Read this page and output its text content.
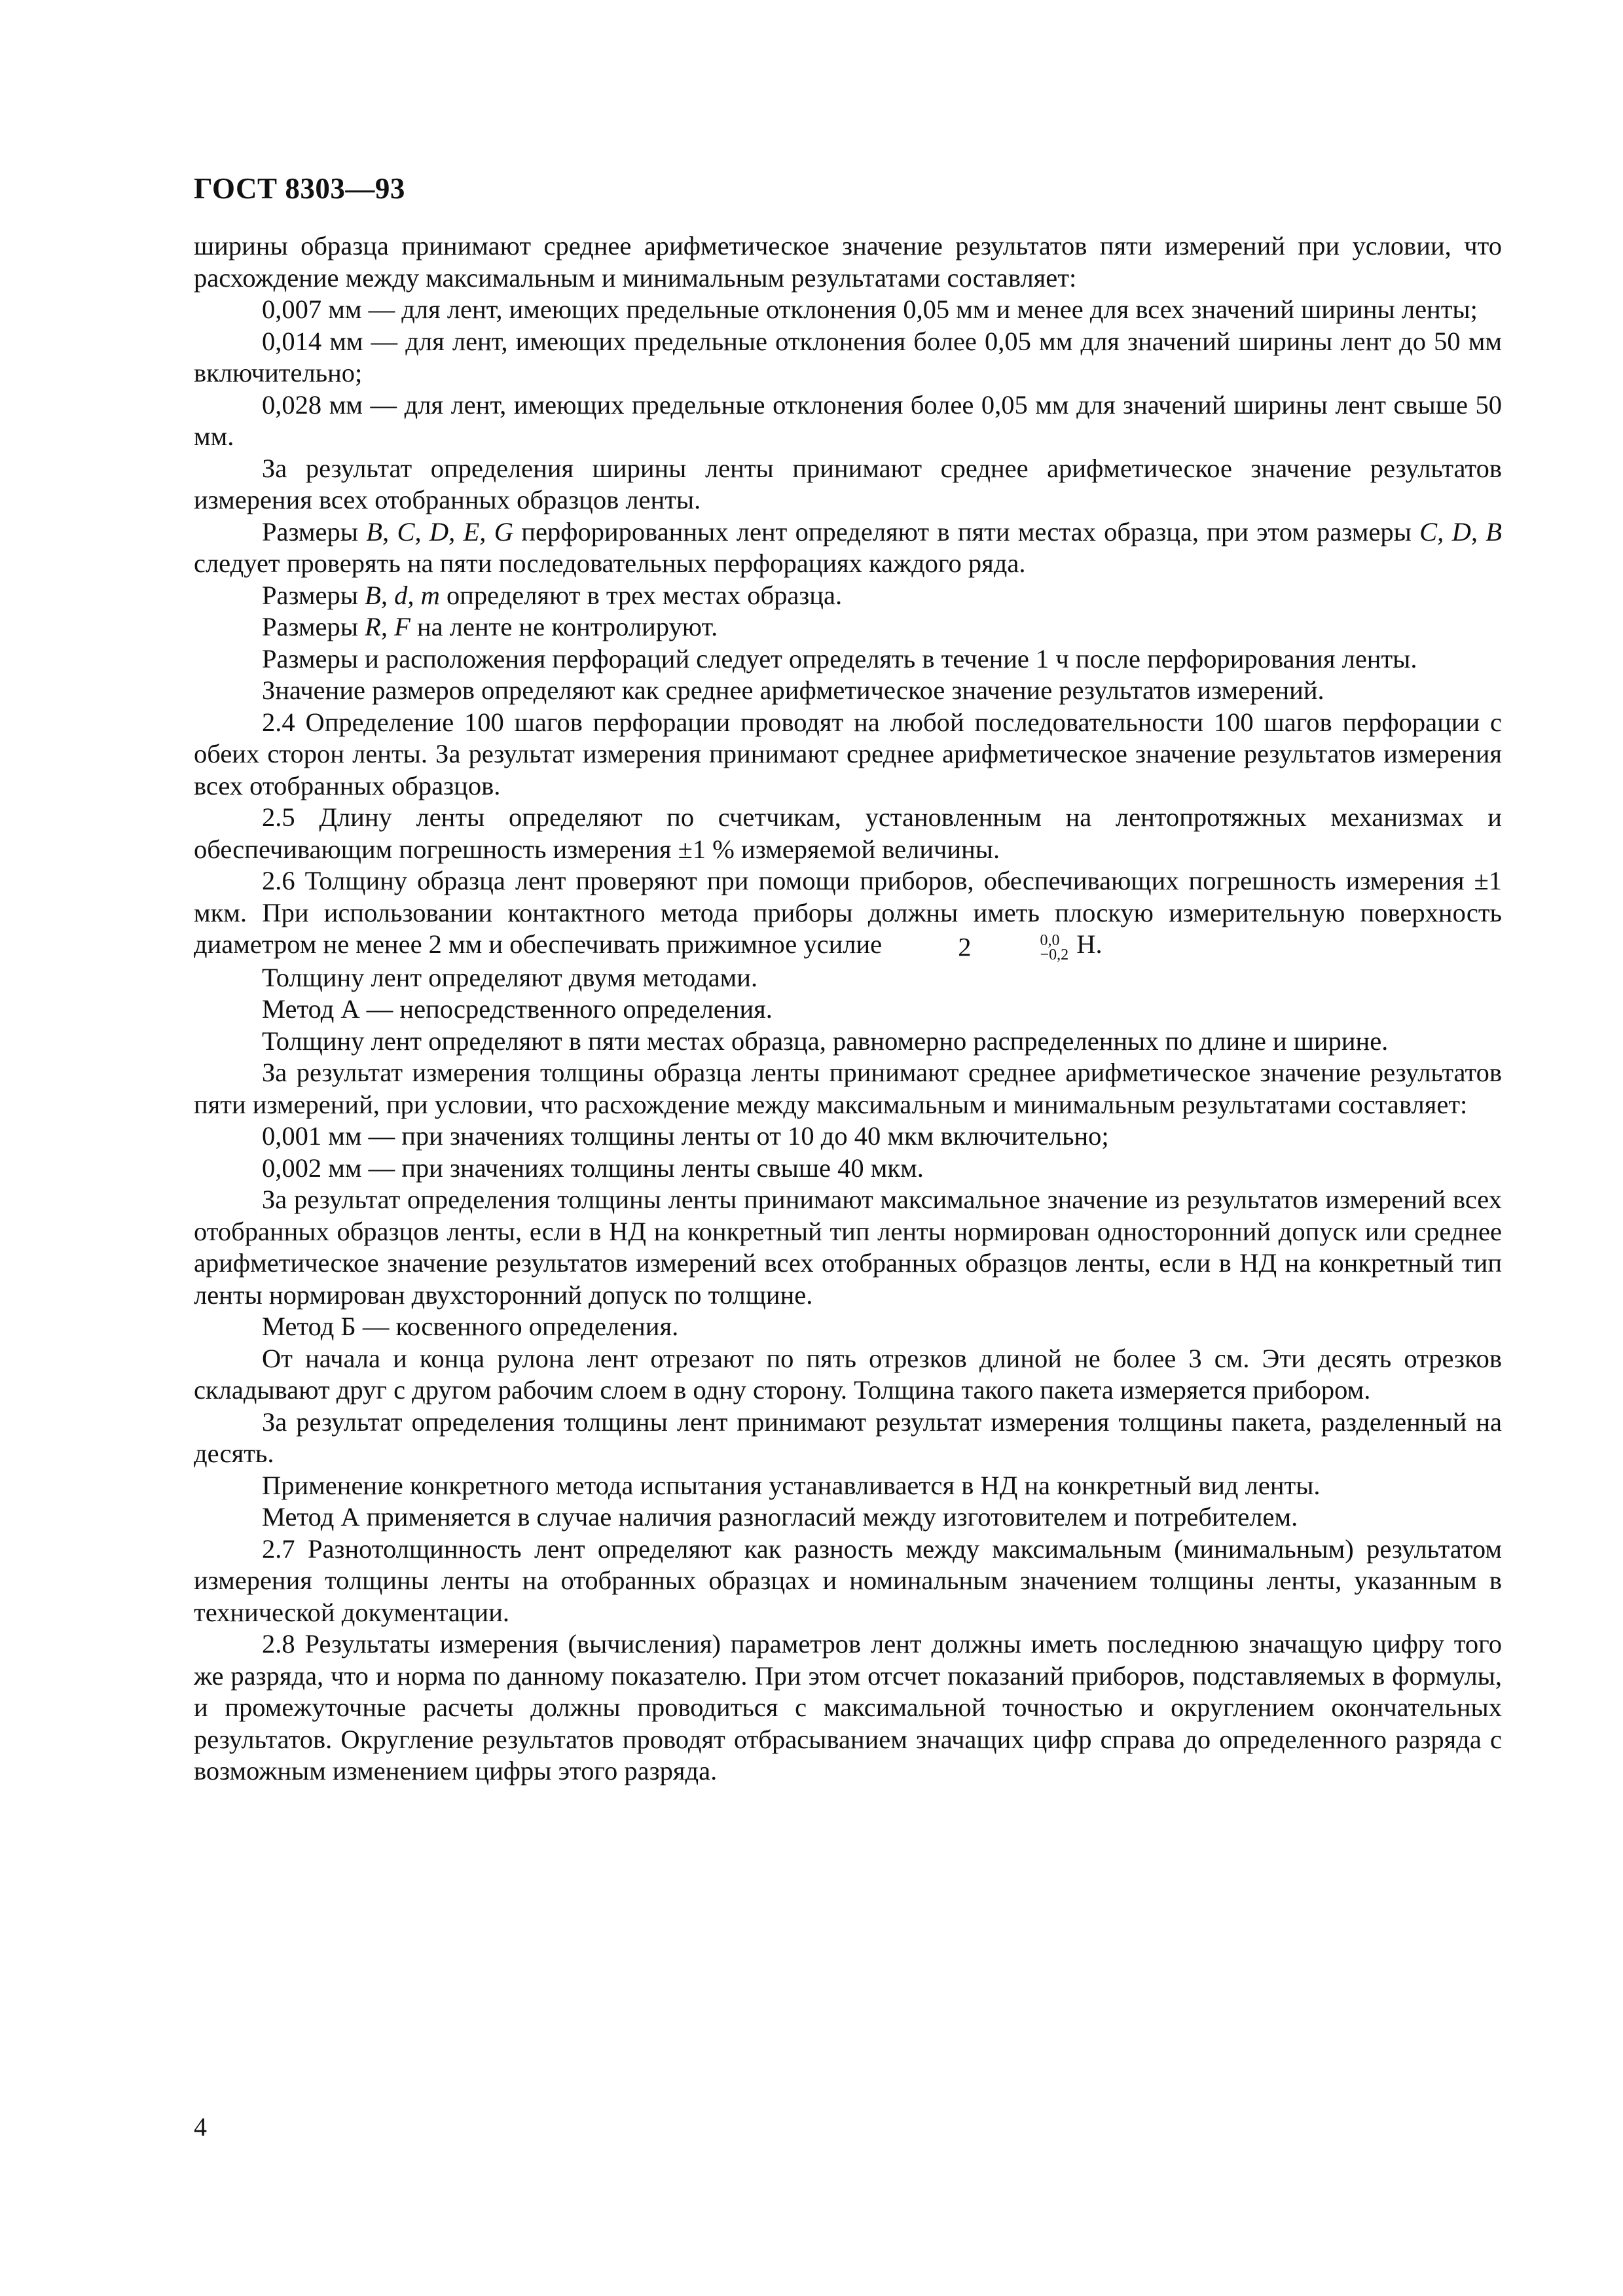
ГОСТ 8303—93

ширины образца принимают среднее арифметическое значение результатов пяти измерений при условии, что расхождение между максимальным и минимальным результатами составляет:

0,007 мм — для лент, имеющих предельные отклонения 0,05 мм и менее для всех значений ширины ленты;

0,014 мм — для лент, имеющих предельные отклонения более 0,05 мм для значений ширины лент до 50 мм включительно;

0,028 мм — для лент, имеющих предельные отклонения более 0,05 мм для значений ширины лент свыше 50 мм.

За результат определения ширины ленты принимают среднее арифметическое значение результатов измерения всех отобранных образцов ленты.

Размеры B, C, D, E, G перфорированных лент определяют в пяти местах образца, при этом размеры C, D, B следует проверять на пяти последовательных перфорациях каждого ряда.

Размеры B, d, m определяют в трех местах образца.

Размеры R, F на ленте не контролируют.

Размеры и расположения перфораций следует определять в течение 1 ч после перфорирования ленты.

Значение размеров определяют как среднее арифметическое значение результатов измерений.

2.4 Определение 100 шагов перфорации проводят на любой последовательности 100 шагов перфорации с обеих сторон ленты. За результат измерения принимают среднее арифметическое значение результатов измерения всех отобранных образцов.

2.5 Длину ленты определяют по счетчикам, установленным на лентопротяжных механизмах и обеспечивающим погрешность измерения ±1 % измеряемой величины.

2.6 Толщину образца лент проверяют при помощи приборов, обеспечивающих погрешность измерения ±1 мкм. При использовании контактного метода приборы должны иметь плоскую измерительную поверхность диаметром не менее 2 мм и обеспечивать прижимное усилие	2	0,0
−0,2 Н.

Толщину лент определяют двумя методами.

Метод А — непосредственного определения.

Толщину лент определяют в пяти местах образца, равномерно распределенных по длине и ширине.

За результат измерения толщины образца ленты принимают среднее арифметическое значение результатов пяти измерений, при условии, что расхождение между максимальным и минимальным результатами составляет:

0,001 мм — при значениях толщины ленты от 10 до 40 мкм включительно;

0,002 мм — при значениях толщины ленты свыше 40 мкм.

За результат определения толщины ленты принимают максимальное значение из результатов измерений всех отобранных образцов ленты, если в НД на конкретный тип ленты нормирован односторонний допуск или среднее арифметическое значение результатов измерений всех отобранных образцов ленты, если в НД на конкретный тип ленты нормирован двухсторонний допуск по толщине.

Метод Б — косвенного определения.

От начала и конца рулона лент отрезают по пять отрезков длиной не более 3 см. Эти десять отрезков складывают друг с другом рабочим слоем в одну сторону. Толщина такого пакета измеряется прибором.

За результат определения толщины лент принимают результат измерения толщины пакета, разделенный на десять.

Применение конкретного метода испытания устанавливается в НД на конкретный вид ленты.

Метод А применяется в случае наличия разногласий между изготовителем и потребителем.

2.7 Разнотолщинность лент определяют как разность между максимальным (минимальным) результатом измерения толщины ленты на отобранных образцах и номинальным значением толщины ленты, указанным в технической документации.

2.8 Результаты измерения (вычисления) параметров лент должны иметь последнюю значащую цифру того же разряда, что и норма по данному показателю. При этом отсчет показаний приборов, подставляемых в формулы, и промежуточные расчеты должны проводиться с максимальной точностью и округлением окончательных результатов. Округление результатов проводят отбрасыванием значащих цифр справа до определенного разряда с возможным изменением цифры этого разряда.

4
